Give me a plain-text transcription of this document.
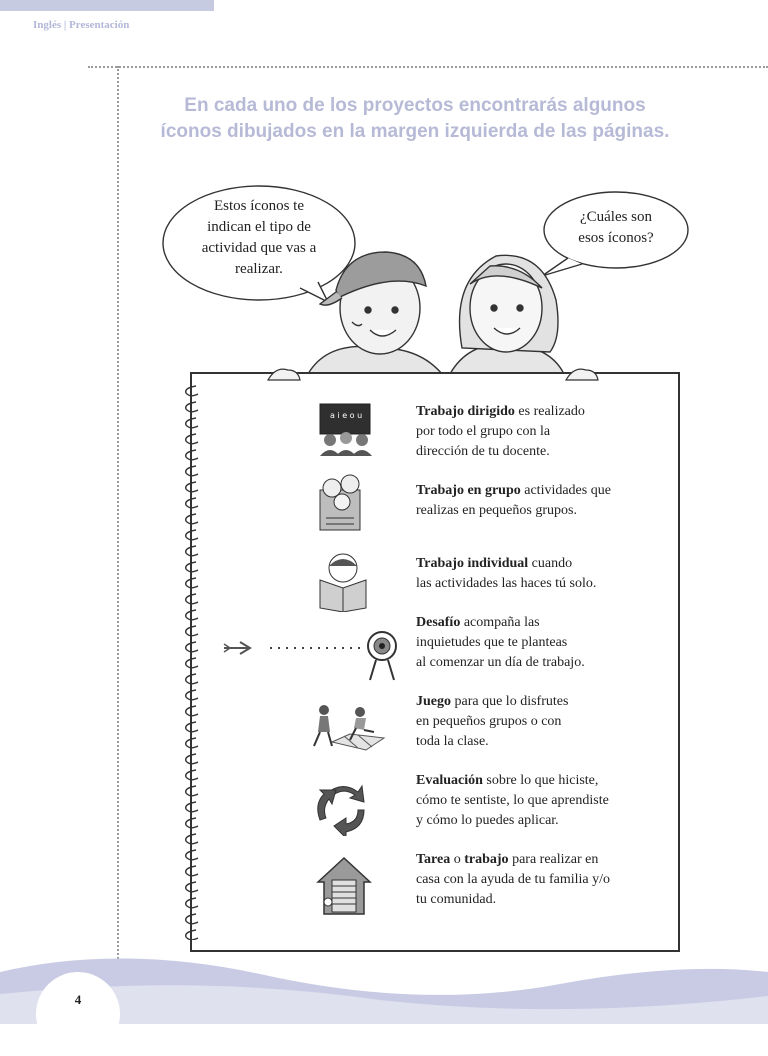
Inglés | Presentación
En cada uno de los proyectos encontrarás algunos
íconos dibujados en la margen izquierda de las páginas.
Estos íconos te
indican el tipo de
actividad que vas a
realizar.
¿Cuáles son
esos íconos?
a i e o u	Trabajo dirigido es realizado
por todo el grupo con la
dirección de tu docente.
Trabajo en grupo actividades que
realizas en pequeños grupos.
Trabajo individual cuando
las actividades las haces tú solo.
Desafío acompaña las
inquietudes que te planteas
al comenzar un día de trabajo.
Juego para que lo disfrutes
en pequeños grupos o con
toda la clase.
Evaluación sobre lo que hiciste,
cómo te sentiste, lo que aprendiste
y cómo lo puedes aplicar.
Tarea o trabajo para realizar en
casa con la ayuda de tu familia y/o
tu comunidad.
4
